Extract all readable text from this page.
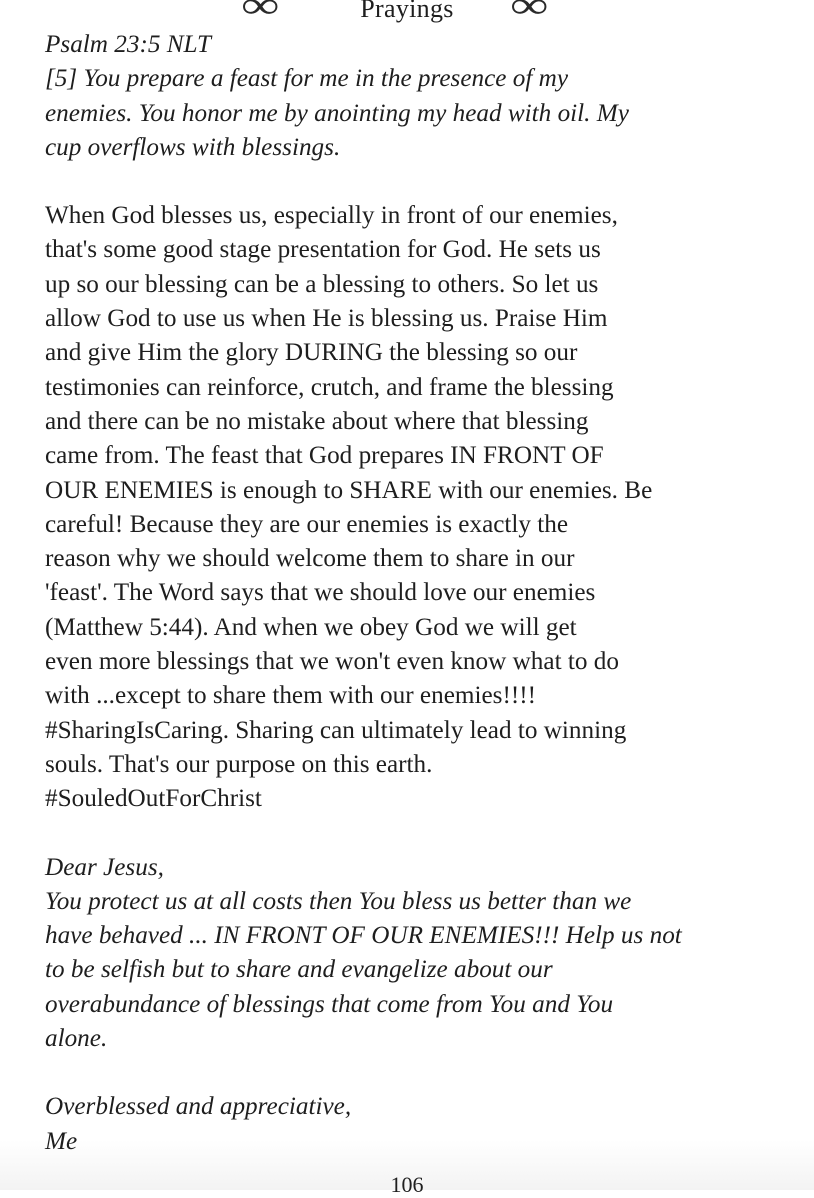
∞	Prayings	∞
Psalm 23:5 NLT
[5] You prepare a feast for me in the presence of my
enemies. You honor me by anointing my head with oil. My
cup overflows with blessings.
When God blesses us, especially in front of our enemies,
that's some good stage presentation for God. He sets us
up so our blessing can be a blessing to others. So let us
allow God to use us when He is blessing us. Praise Him
and give Him the glory DURING the blessing so our
testimonies can reinforce, crutch, and frame the blessing
and there can be no mistake about where that blessing
came from. The feast that God prepares IN FRONT OF
OUR ENEMIES is enough to SHARE with our enemies. Be
careful! Because they are our enemies is exactly the
reason why we should welcome them to share in our
'feast'. The Word says that we should love our enemies
(Matthew 5:44). And when we obey God we will get
even more blessings that we won't even know what to do
with ...except to share them with our enemies!!!!
#SharingIsCaring. Sharing can ultimately lead to winning
souls. That's our purpose on this earth.
#SouledOutForChrist
Dear Jesus,
You protect us at all costs then You bless us better than we
have behaved ... IN FRONT OF OUR ENEMIES!!! Help us not
to be selfish but to share and evangelize about our
overabundance of blessings that come from You and You
alone.
Overblessed and appreciative,
Me
106
